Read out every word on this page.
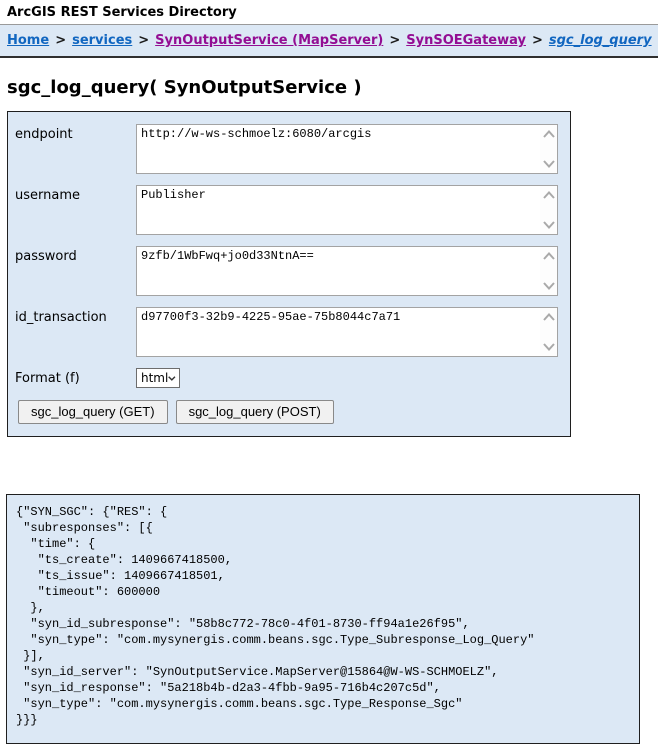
ArcGIS REST Services Directory
Home > services > SynOutputService (MapServer) > SynSOEGateway > sgc_log_query
sgc_log_query( SynOutputService )
endpoint	http://w-ws-schmoelz:6080/arcgis
username	Publisher
password	9zfb/1WbFwq+jo0d33NtnA==
id_transaction	d97700f3-32b9-4225-95ae-75b8044c7a71
Format (f)	html
sgc_log_query (GET)	sgc_log_query (POST)
{"SYN_SGC": {"RES": {
"subresponses": [{
"time": {
"ts_create": 1409667418500,
"ts_issue": 1409667418501,
"timeout": 600000
},
"syn_id_subresponse": "58b8c772-78c0-4f01-8730-ff94a1e26f95",
"syn_type": "com.mysynergis.comm.beans.sgc.Type_Subresponse_Log_Query"
}],
"syn_id_server": "SynOutputService.MapServer@15864@W-WS-SCHMOELZ",
"syn_id_response": "5a218b4b-d2a3-4fbb-9a95-716b4c207c5d",
"syn_type": "com.mysynergis.comm.beans.sgc.Type_Response_Sgc"
}}}
